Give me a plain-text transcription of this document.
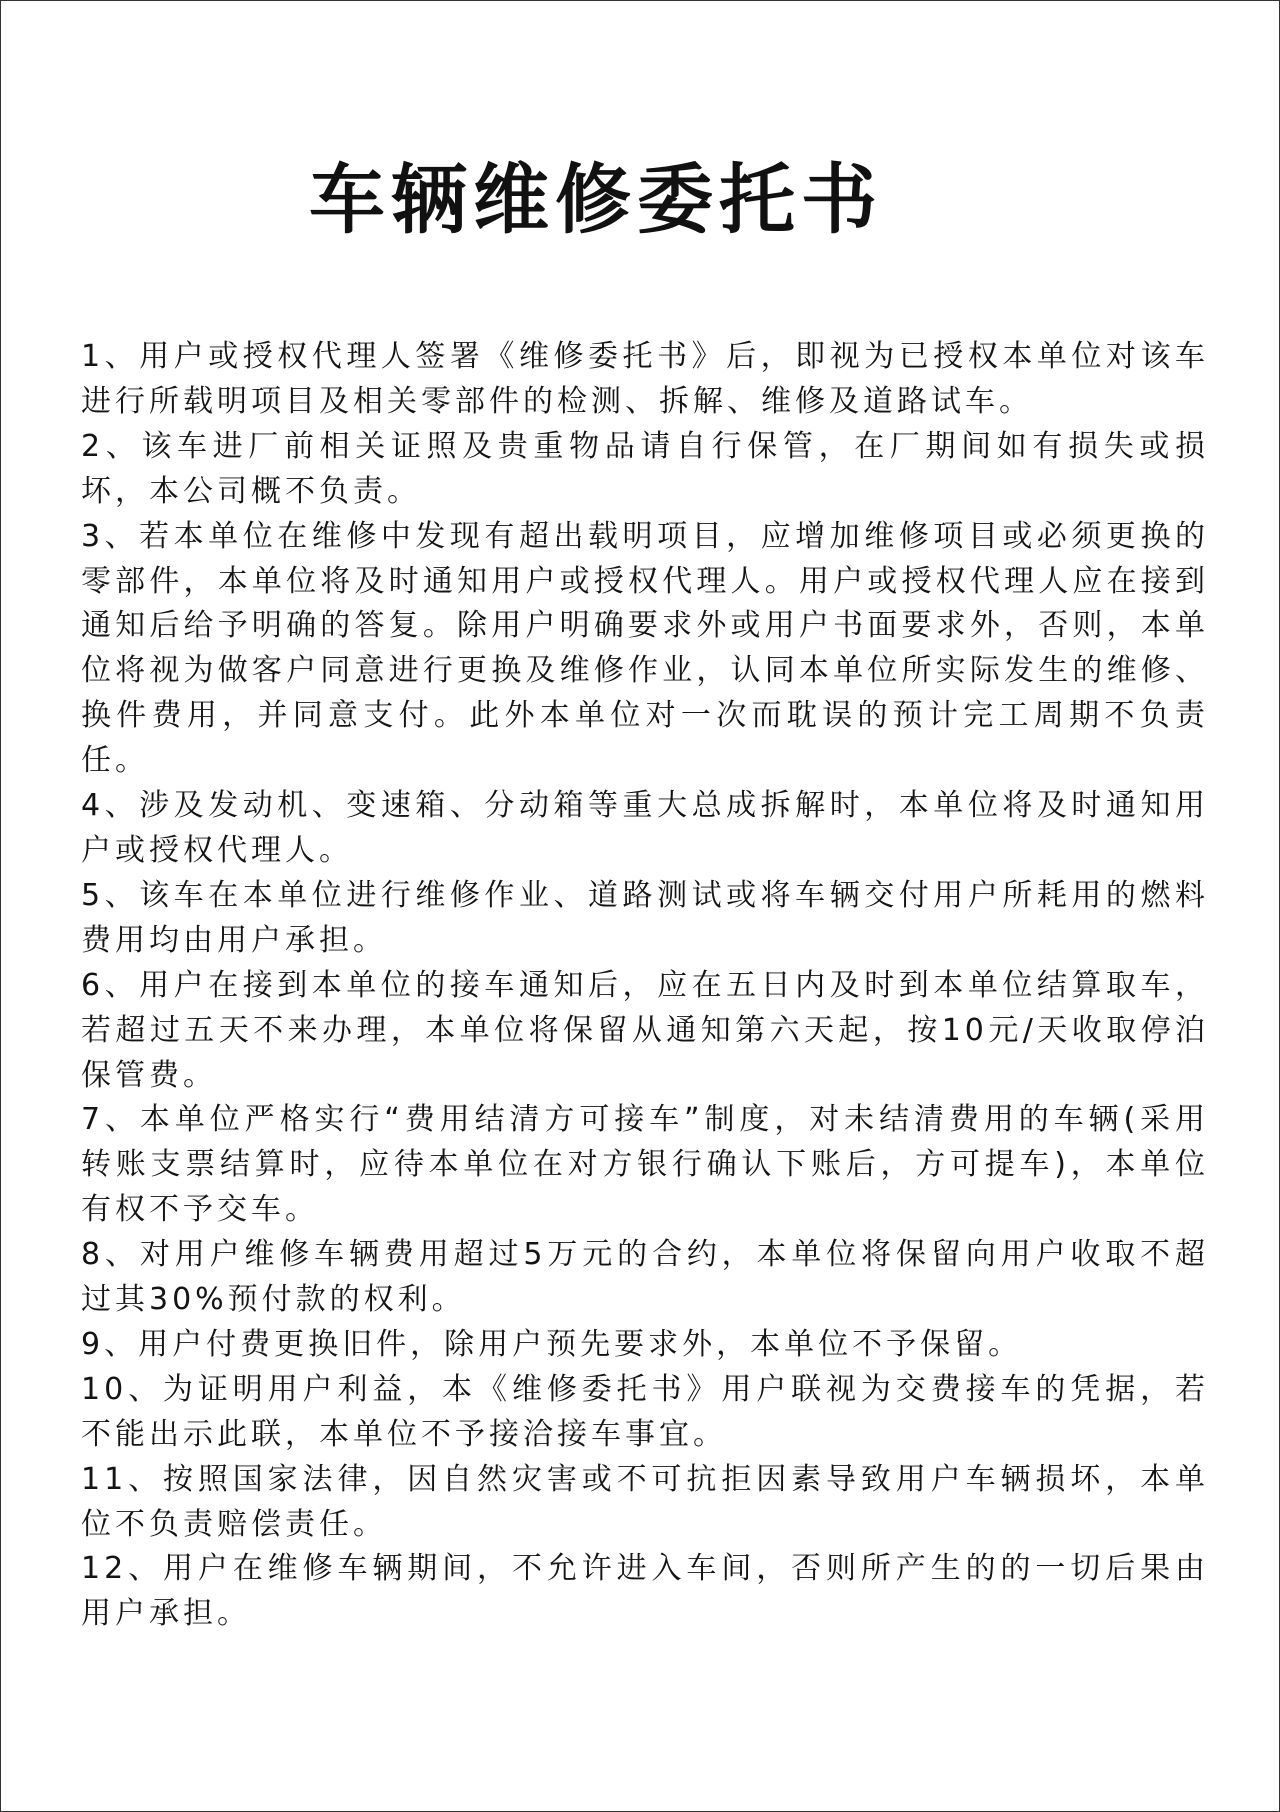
车辆维修委托书

1、用户或授权代理人签署《维修委托书》后，即视为已授权本单位对该车进行所载明项目及相关零部件的检测、拆解、维修及道路试车。

2、该车进厂前相关证照及贵重物品请自行保管，在厂期间如有损失或损坏，本公司概不负责。

3、若本单位在维修中发现有超出载明项目，应增加维修项目或必须更换的零部件，本单位将及时通知用户或授权代理人。用户或授权代理人应在接到通知后给予明确的答复。除用户明确要求外或用户书面要求外，否则，本单位将视为做客户同意进行更换及维修作业，认同本单位所实际发生的维修、换件费用，并同意支付。此外本单位对一次而耽误的预计完工周期不负责任。

4、涉及发动机、变速箱、分动箱等重大总成拆解时，本单位将及时通知用户或授权代理人。

5、该车在本单位进行维修作业、道路测试或将车辆交付用户所耗用的燃料费用均由用户承担。

6、用户在接到本单位的接车通知后，应在五日内及时到本单位结算取车，若超过五天不来办理，本单位将保留从通知第六天起，按10元/天收取停泊保管费。

7、本单位严格实行“费用结清方可接车”制度，对未结清费用的车辆(采用转账支票结算时，应待本单位在对方银行确认下账后，方可提车)，本单位有权不予交车。

8、对用户维修车辆费用超过5万元的合约，本单位将保留向用户收取不超过其30%预付款的权利。

9、用户付费更换旧件，除用户预先要求外，本单位不予保留。

10、为证明用户利益，本《维修委托书》用户联视为交费接车的凭据，若不能出示此联，本单位不予接洽接车事宜。

11、按照国家法律，因自然灾害或不可抗拒因素导致用户车辆损坏，本单位不负责赔偿责任。

12、用户在维修车辆期间，不允许进入车间，否则所产生的的一切后果由用户承担。
